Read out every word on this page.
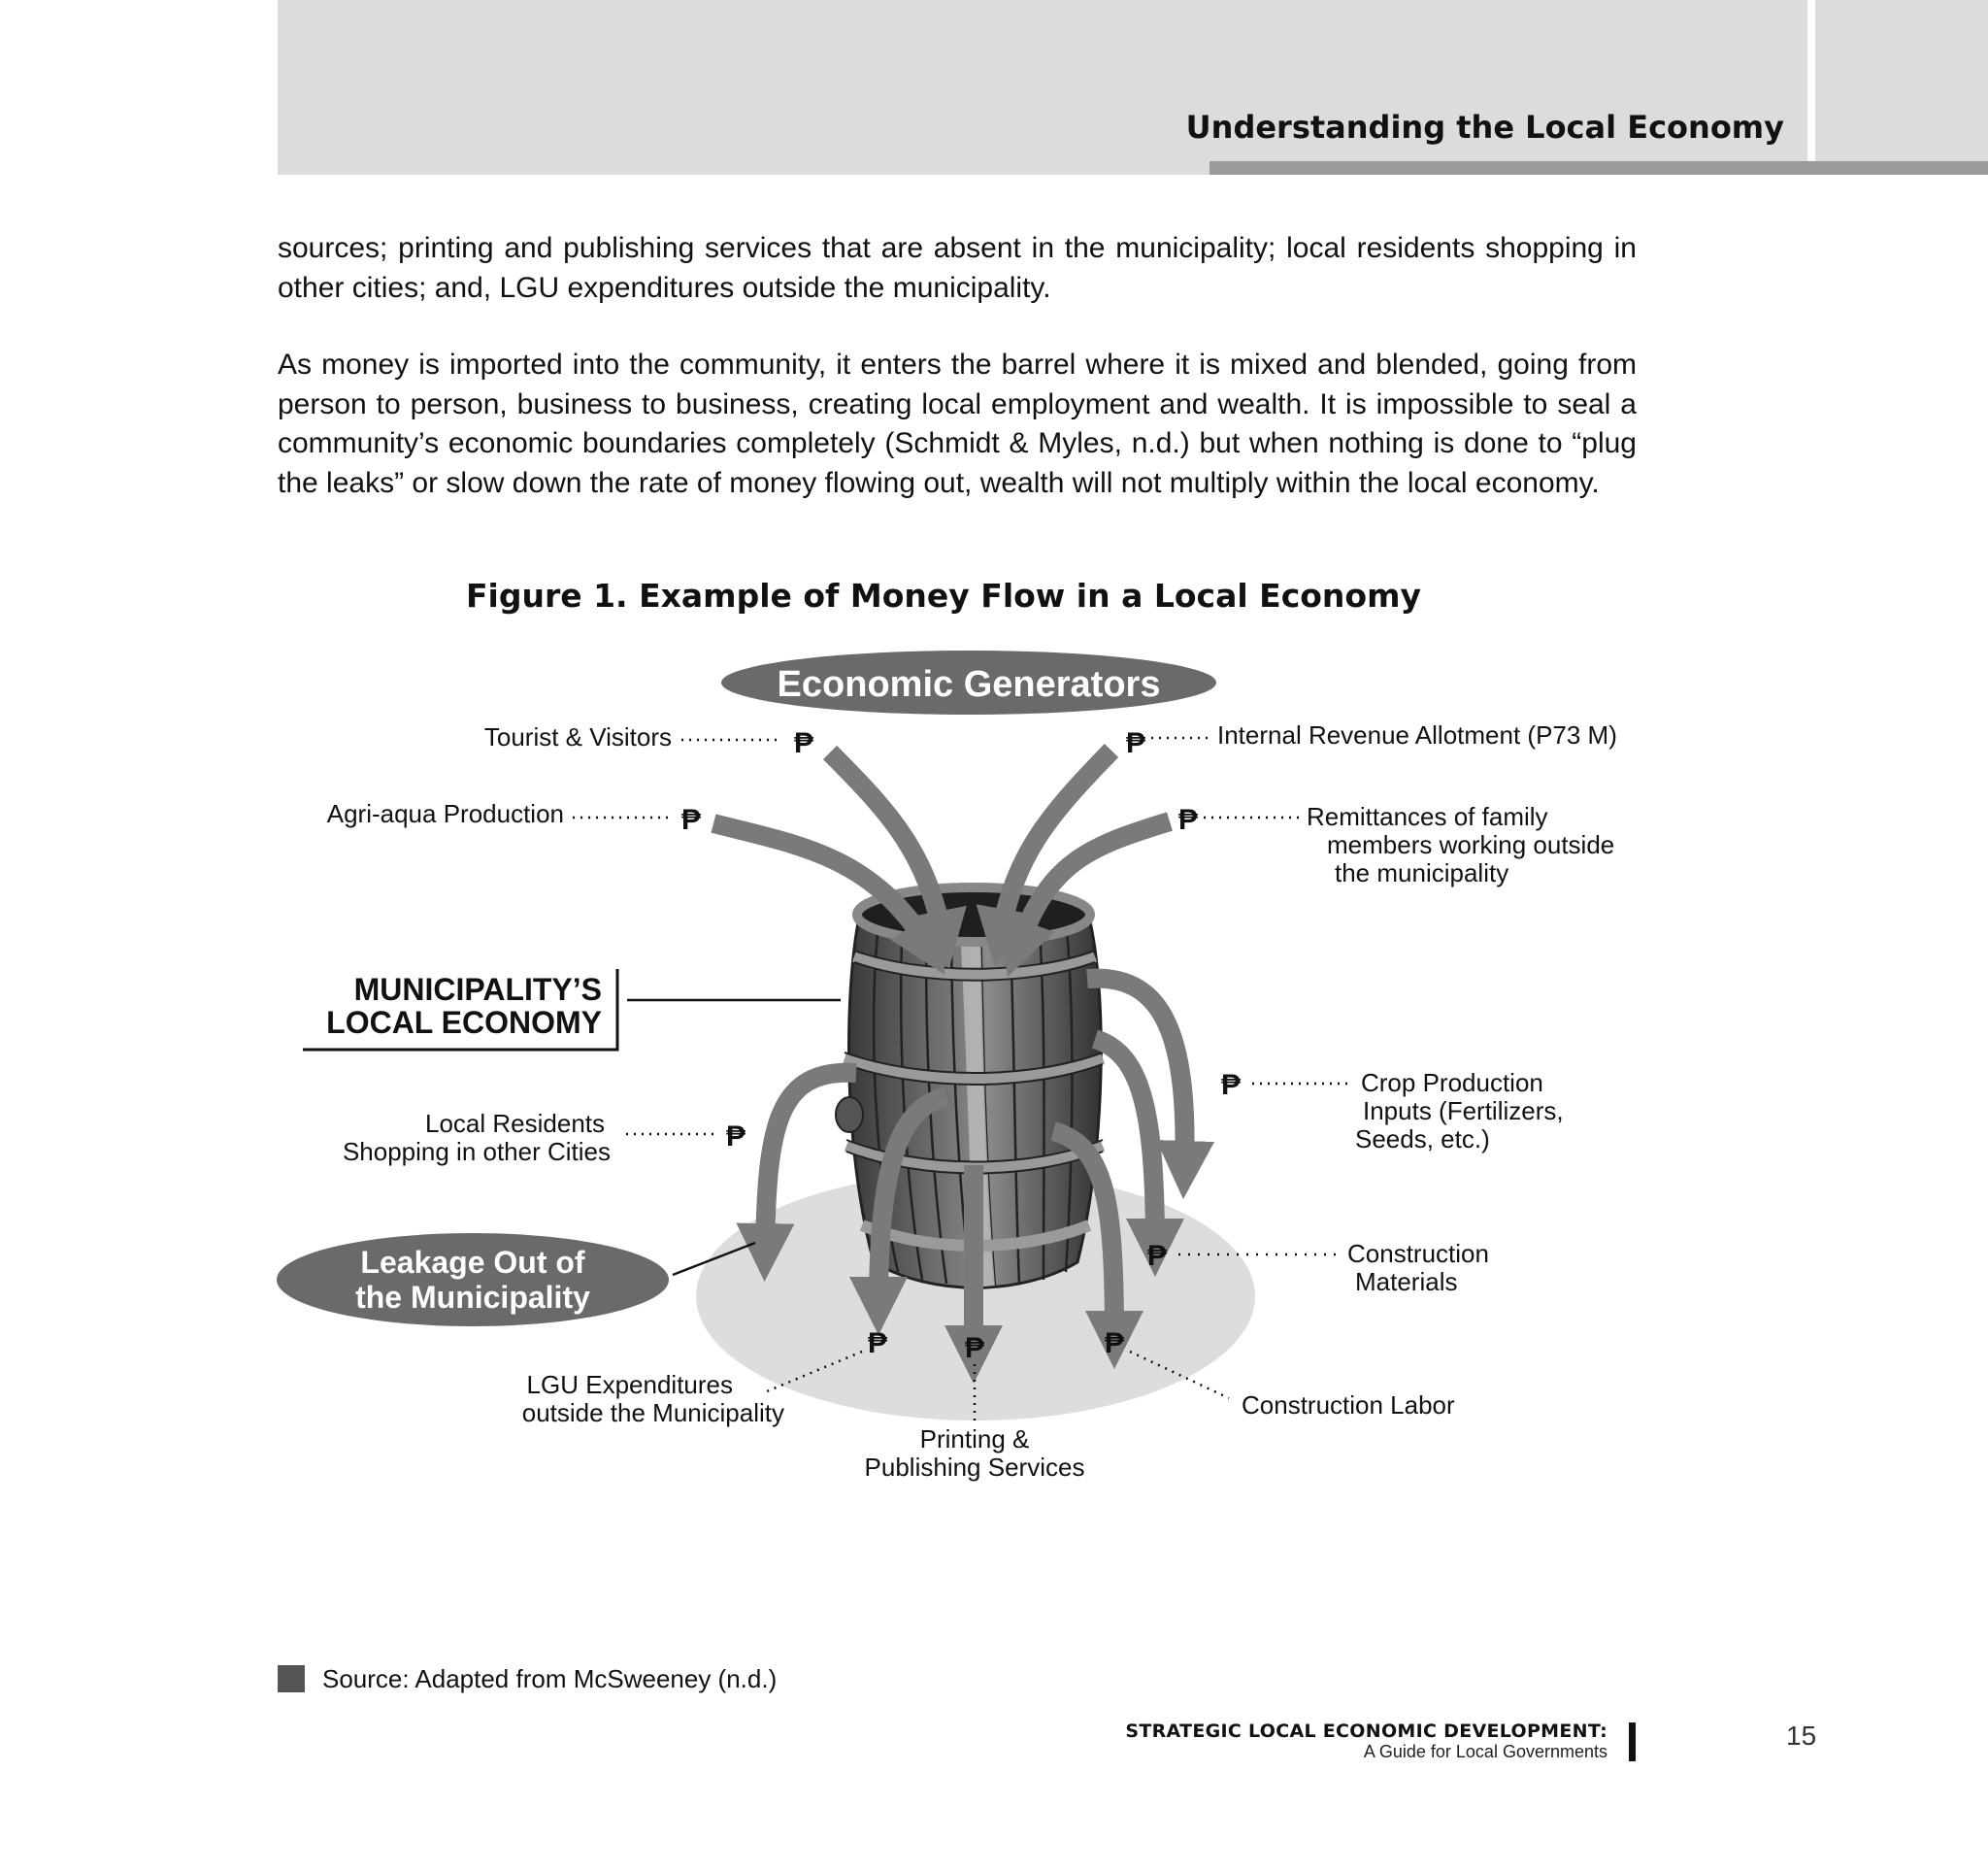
Understanding the Local Economy

sources; printing and publishing services that are absent in the municipality; local residents shopping in other cities; and, LGU expenditures outside the municipality.

As money is imported into the community, it enters the barrel where it is mixed and blended, going from person to person, business to business, creating local employment and wealth. It is impossible to seal a community’s economic boundaries completely (Schmidt & Myles, n.d.) but when nothing is done to “plug the leaks” or slow down the rate of money flowing out, wealth will not multiply within the local economy.

Figure 1. Example of Money Flow in a Local Economy
Economic Generators
Leakage Out of
the Municipality
MUNICIPALITY’S
LOCAL ECONOMY
Tourist & Visitors	₱	₱	Internal Revenue Allotment (P73 M)
Agri-aqua Production	₱	₱	Remittances of family
members working outside
the municipality
Local Residents
Shopping in other Cities	₱
₱	Crop Production
Inputs (Fertilizers,
Seeds, etc.)
₱	Construction
Materials
₱
LGU Expenditures
outside the Municipality
₱
Printing &
Publishing Services
₱
Construction Labor
Source: Adapted from McSweeney (n.d.)
STRATEGIC LOCAL ECONOMIC DEVELOPMENT:
A Guide for Local Governments
15
